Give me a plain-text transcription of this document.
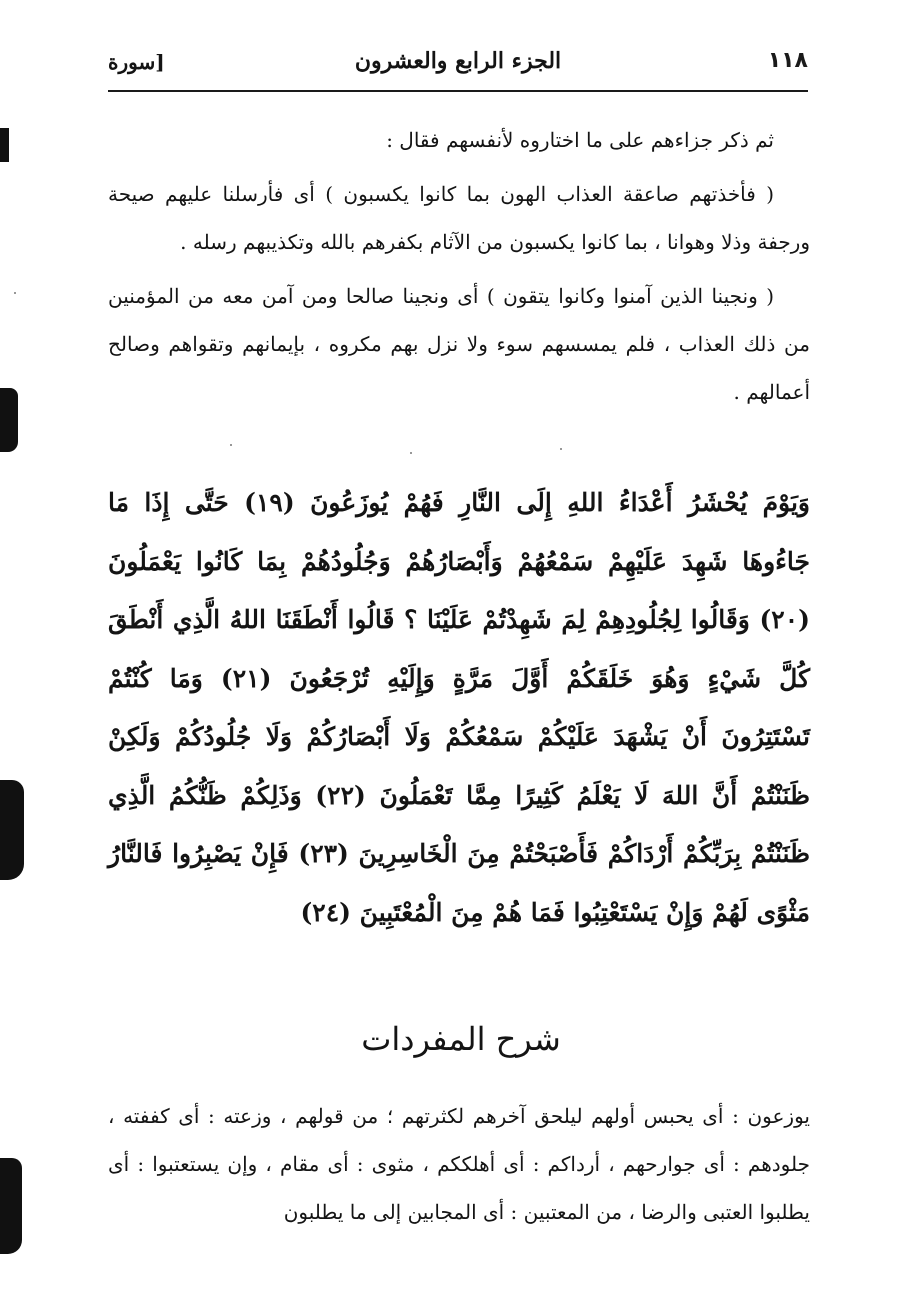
١١٨
الجزء الرابع والعشرون
[سورة

ثم ذكر جزاءهم على ما اختاروه لأنفسهم فقال :

( فأخذتهم صاعقة العذاب الهون بما كانوا يكسبون ) أى فأرسلنا عليهم صيحة ورجفة وذلا وهوانا ، بما كانوا يكسبون من الآثام بكفرهم بالله وتكذيبهم رسله .

( ونجينا الذين آمنوا وكانوا يتقون ) أى ونجينا صالحا ومن آمن معه من المؤمنين من ذلك العذاب ، فلم يمسسهم سوء ولا نزل بهم مكروه ، بإيمانهم وتقواهم وصالح أعمالهم .

وَيَوْمَ يُحْشَرُ أَعْدَاءُ اللهِ إِلَى النَّارِ فَهُمْ يُوزَعُونَ (١٩) حَتَّى إِذَا مَا جَاءُوهَا شَهِدَ عَلَيْهِمْ سَمْعُهُمْ وَأَبْصَارُهُمْ وَجُلُودُهُمْ بِمَا كَانُوا يَعْمَلُونَ (٢٠) وَقَالُوا لِجُلُودِهِمْ لِمَ شَهِدْتُمْ عَلَيْنَا ؟ قَالُوا أَنْطَقَنَا اللهُ الَّذِي أَنْطَقَ كُلَّ شَيْءٍ وَهُوَ خَلَقَكُمْ أَوَّلَ مَرَّةٍ وَإِلَيْهِ تُرْجَعُونَ (٢١) وَمَا كُنْتُمْ تَسْتَتِرُونَ أَنْ يَشْهَدَ عَلَيْكُمْ سَمْعُكُمْ وَلَا أَبْصَارُكُمْ وَلَا جُلُودُكُمْ وَلَكِنْ ظَنَنْتُمْ أَنَّ اللهَ لَا يَعْلَمُ كَثِيرًا مِمَّا تَعْمَلُونَ (٢٢) وَذَلِكُمْ ظَنُّكُمُ الَّذِي ظَنَنْتُمْ بِرَبِّكُمْ أَرْدَاكُمْ فَأَصْبَحْتُمْ مِنَ الْخَاسِرِينَ (٢٣) فَإِنْ يَصْبِرُوا فَالنَّارُ مَثْوًى لَهُمْ وَإِنْ يَسْتَعْتِبُوا فَمَا هُمْ مِنَ الْمُعْتَبِينَ (٢٤)
شرح المفردات
يوزعون : أى يحبس أولهم ليلحق آخرهم لكثرتهم ؛ من قولهم ، وزعته : أى كففته ، جلودهم : أى جوارحهم ، أرداكم : أى أهلككم ، مثوى : أى مقام ، وإن يستعتبوا : أى يطلبوا العتبى والرضا ، من المعتبين : أى المجابين إلى ما يطلبون
